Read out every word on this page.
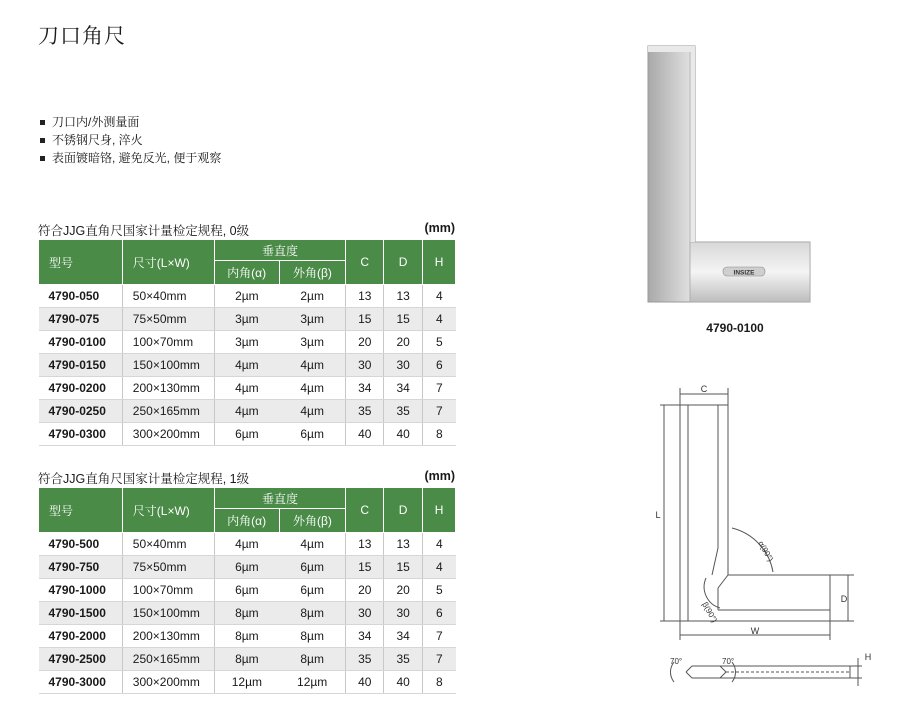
刀口角尺
刀口内/外测量面
不锈钢尺身, 淬火
表面镀暗铬, 避免反光, 便于观察
符合JJG直角尺国家计量检定规程, 0级	(mm)
型号	尺寸(L×W)	垂直度		C	D	H
		内角(α)	外角(β)			
4790-050	50×40mm	2µm	2µm	13	13	4
4790-075	75×50mm	3µm	3µm	15	15	4
4790-0100	100×70mm	3µm	3µm	20	20	5
4790-0150	150×100mm	4µm	4µm	30	30	6
4790-0200	200×130mm	4µm	4µm	34	34	7
4790-0250	250×165mm	4µm	4µm	35	35	7
4790-0300	300×200mm	6µm	6µm	40	40	8
符合JJG直角尺国家计量检定规程, 1级	(mm)
型号	尺寸(L×W)	垂直度		C	D	H
		内角(α)	外角(β)			
4790-500	50×40mm	4µm	4µm	13	13	4
4790-750	75×50mm	6µm	6µm	15	15	4
4790-1000	100×70mm	6µm	6µm	20	20	5
4790-1500	150×100mm	8µm	8µm	30	30	6
4790-2000	200×130mm	8µm	8µm	34	34	7
4790-2500	250×165mm	8µm	8µm	35	35	7
4790-3000	300×200mm	12µm	12µm	40	40	8
INSIZE
4790-0100
C
L
W
D
H
α(90°)
β(90°)
70°	70°
